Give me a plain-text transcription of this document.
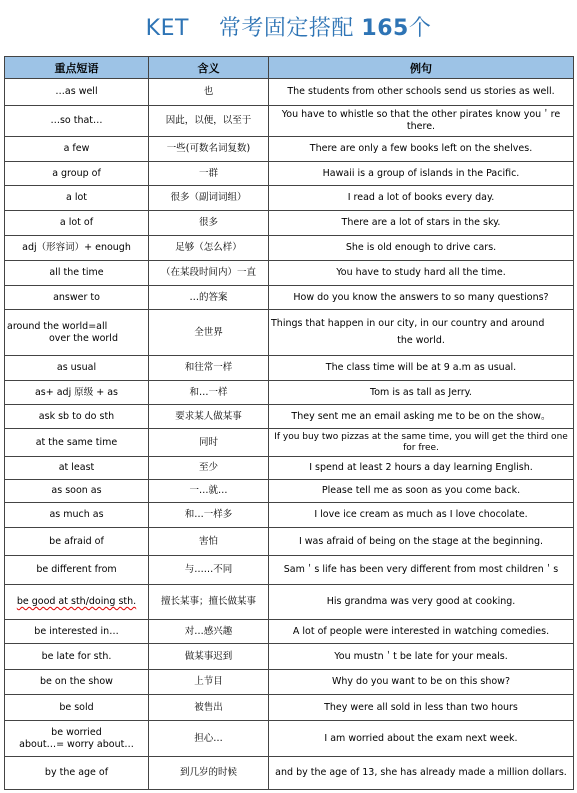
KET　 常考固定搭配 165个
重点短语	含义	例句
…as well	也	The students from other schools send us stories as well.
…so that…	因此，以便，以至于	You have to whistle so that the other pirates know you＇re there.
a few	一些(可数名词复数)	There are only a few books left on the shelves.
a group of	一群	Hawaii is a group of islands in the Pacific.
a lot	很多（副词词组）	I read a lot of books every day.
a lot of	很多	There are a lot of stars in the sky.
adj（形容词）+ enough	足够（怎么样）	She is old enough to drive cars.
all the time	（在某段时间内）一直	You have to study hard all the time.
answer to	…的答案	How do you know the answers to so many questions?

around the world=all
over the world	全世界	Things that happen in our city, in our country and around
the world.

as usual	和往常一样	The class time will be at 9 a.m as usual.
as+ adj 原级 + as	和…一样	Tom is as tall as Jerry.
ask sb to do sth	要求某人做某事	They sent me an email asking me to be on the show。
at the same time	同时	If you buy two pizzas at the same time, you will get the third one for free.
at least	至少	I spend at least 2 hours a day learning English.
as soon as	一…就…	Please tell me as soon as you come back.
as much as	和…一样多	I love ice cream as much as I love chocolate.
be afraid of	害怕	I was afraid of being on the stage at the beginning.
be different from	与……不同	Sam＇s life has been very different from most children＇s
be good at sth/doing sth.	擅长某事；擅长做某事	His grandma was very good at cooking.
be interested in…	对…感兴趣	A lot of people were interested in watching comedies.
be late for sth.	做某事迟到	You mustn＇t be late for your meals.
be on the show	上节目	Why do you want to be on this show?
be sold	被售出	They were all sold in less than two hours

be worried
about…= worry about…	担心…	I am worried about the exam next week.
by the age of	到几岁的时候	and by the age of 13, she has already made a million dollars.
